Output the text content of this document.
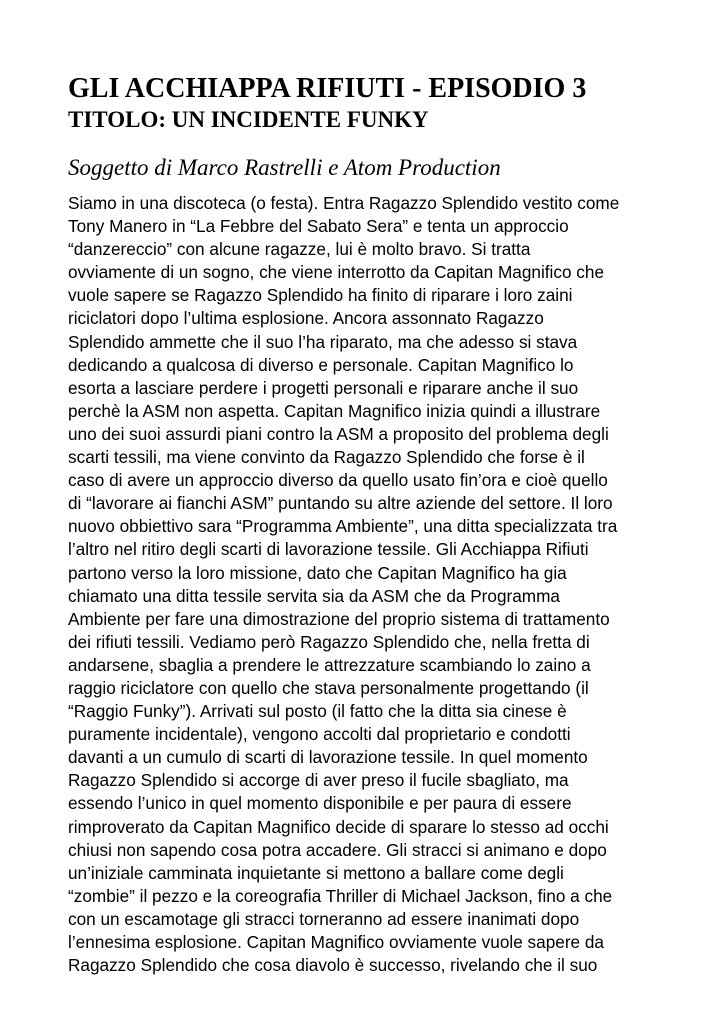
GLI ACCHIAPPA RIFIUTI - EPISODIO 3
TITOLO: UN INCIDENTE FUNKY

Soggetto di Marco Rastrelli e Atom Production

Siamo in una discoteca (o festa). Entra Ragazzo Splendido vestito come
Tony Manero in “La Febbre del Sabato Sera” e tenta un approccio
“danzereccio” con alcune ragazze, lui è molto bravo. Si tratta
ovviamente di un sogno, che viene interrotto da Capitan Magnifico che
vuole sapere se Ragazzo Splendido ha finito di riparare i loro zaini
riciclatori dopo l’ultima esplosione. Ancora assonnato Ragazzo
Splendido ammette che il suo l’ha riparato, ma che adesso si stava
dedicando a qualcosa di diverso e personale. Capitan Magnifico lo
esorta a lasciare perdere i progetti personali e riparare anche il suo
perchè la ASM non aspetta. Capitan Magnifico inizia quindi a illustrare
uno dei suoi assurdi piani contro la ASM a proposito del problema degli
scarti tessili, ma viene convinto da Ragazzo Splendido che forse è il
caso di avere un approccio diverso da quello usato fin’ora e cioè quello
di “lavorare ai fianchi ASM” puntando su altre aziende del settore. Il loro
nuovo obbiettivo sara “Programma Ambiente”, una ditta specializzata tra
l’altro nel ritiro degli scarti di lavorazione tessile. Gli Acchiappa Rifiuti
partono verso la loro missione, dato che Capitan Magnifico ha gia
chiamato una ditta tessile servita sia da ASM che da Programma
Ambiente per fare una dimostrazione del proprio sistema di trattamento
dei rifiuti tessili. Vediamo però Ragazzo Splendido che, nella fretta di
andarsene, sbaglia a prendere le attrezzature scambiando lo zaino a
raggio riciclatore con quello che stava personalmente progettando (il
“Raggio Funky”). Arrivati sul posto (il fatto che la ditta sia cinese è
puramente incidentale), vengono accolti dal proprietario e condotti
davanti a un cumulo di scarti di lavorazione tessile. In quel momento
Ragazzo Splendido si accorge di aver preso il fucile sbagliato, ma
essendo l’unico in quel momento disponibile e per paura di essere
rimproverato da Capitan Magnifico decide di sparare lo stesso ad occhi
chiusi non sapendo cosa potra accadere. Gli stracci si animano e dopo
un’iniziale camminata inquietante si mettono a ballare come degli
“zombie” il pezzo e la coreografia Thriller di Michael Jackson, fino a che
con un escamotage gli stracci torneranno ad essere inanimati dopo
l’ennesima esplosione. Capitan Magnifico ovviamente vuole sapere da
Ragazzo Splendido che cosa diavolo è successo, rivelando che il suo
